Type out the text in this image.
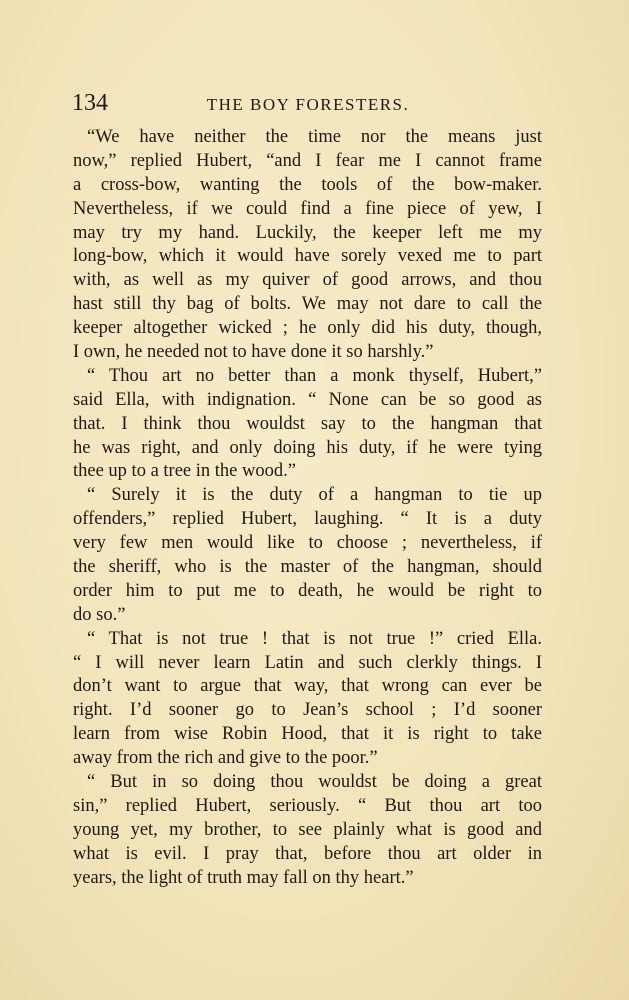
134	THE BOY FORESTERS.
“We have neither the time nor the means just
now,” replied Hubert, “and I fear me I cannot frame
a cross-bow, wanting the tools of the bow-maker.
Nevertheless, if we could find a fine piece of yew, I
may try my hand. Luckily, the keeper left me my
long-bow, which it would have sorely vexed me to part
with, as well as my quiver of good arrows, and thou
hast still thy bag of bolts. We may not dare to call the
keeper altogether wicked ; he only did his duty, though,
I own, he needed not to have done it so harshly.”
“ Thou art no better than a monk thyself, Hubert,”
said Ella, with indignation. “ None can be so good as
that. I think thou wouldst say to the hangman that
he was right, and only doing his duty, if he were tying
thee up to a tree in the wood.”
“ Surely it is the duty of a hangman to tie up
offenders,” replied Hubert, laughing. “ It is a duty
very few men would like to choose ; nevertheless, if
the sheriff, who is the master of the hangman, should
order him to put me to death, he would be right to
do so.”
“ That is not true ! that is not true !” cried Ella.
“ I will never learn Latin and such clerkly things. I
don’t want to argue that way, that wrong can ever be
right. I’d sooner go to Jean’s school ; I’d sooner
learn from wise Robin Hood, that it is right to take
away from the rich and give to the poor.”
“ But in so doing thou wouldst be doing a great
sin,” replied Hubert, seriously. “ But thou art too
young yet, my brother, to see plainly what is good and
what is evil. I pray that, before thou art older in
years, the light of truth may fall on thy heart.”
